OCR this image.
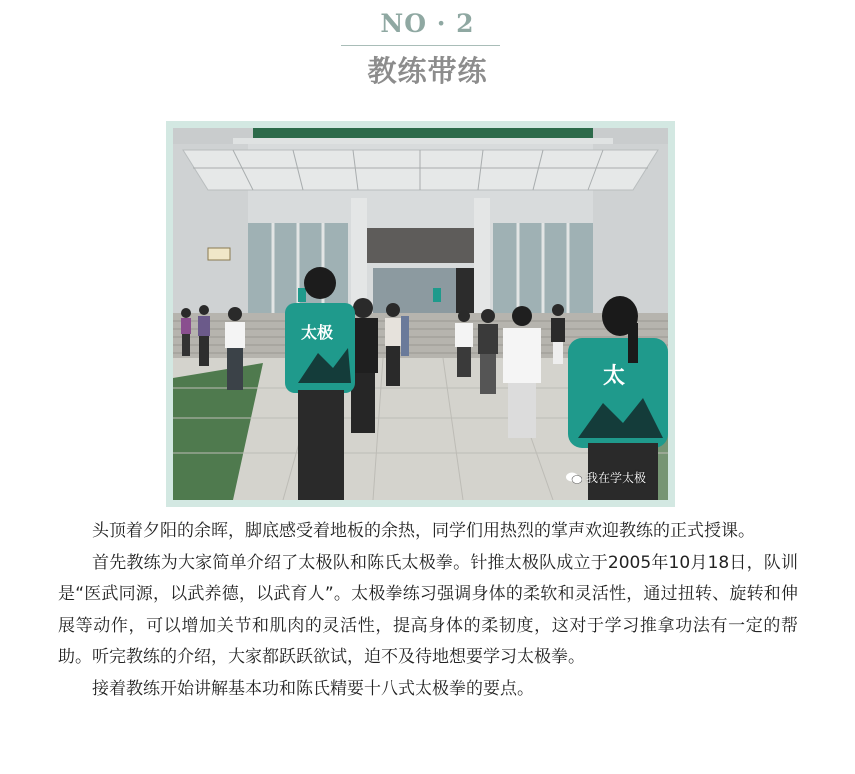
NO · 2
教练带练
太极
太
我在学太极

头顶着夕阳的余晖，脚底感受着地板的余热，同学们用热烈的掌声欢迎教练的正式授课。

首先教练为大家简单介绍了太极队和陈氏太极拳。针推太极队成立于2005年10月18日，队训是“医武同源，以武养德，以武育人”。太极拳练习强调身体的柔软和灵活性，通过扭转、旋转和伸展等动作，可以增加关节和肌肉的灵活性，提高身体的柔韧度，这对于学习推拿功法有一定的帮助。听完教练的介绍，大家都跃跃欲试，迫不及待地想要学习太极拳。

接着教练开始讲解基本功和陈氏精要十八式太极拳的要点。
